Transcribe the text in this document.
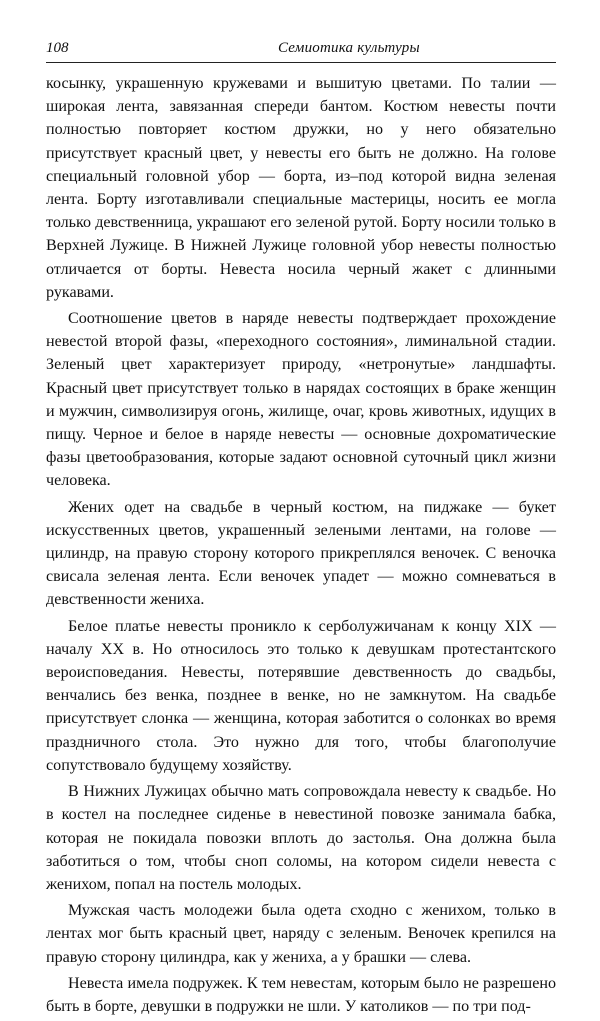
108	Семиотика культуры

косынку, украшенную кружевами и вышитую цветами. По талии — широкая лента, завязанная спереди бантом. Костюм невесты почти полностью повторяет костюм дружки, но у него обязательно присутствует красный цвет, у невесты его быть не должно. На голове специальный головной убор — борта, из–под которой видна зеленая лента. Борту изготавливали специальные мастерицы, носить ее могла только девственница, украшают его зеленой рутой. Борту носили только в Верхней Лужице. В Нижней Лужице головной убор невесты полностью отличается от борты. Невеста носила черный жакет с длинными рукавами.

Соотношение цветов в наряде невесты подтверждает прохождение невестой второй фазы, «переходного состояния», лиминальной стадии. Зеленый цвет характеризует природу, «нетронутые» ландшафты. Красный цвет присутствует только в нарядах состоящих в браке женщин и мужчин, символизируя огонь, жилище, очаг, кровь животных, идущих в пищу. Черное и белое в наряде невесты — основные дохроматические фазы цветообразования, которые задают основной суточный цикл жизни человека.

Жених одет на свадьбе в черный костюм, на пиджаке — букет искусственных цветов, украшенный зелеными лентами, на голове — цилиндр, на правую сторону которого прикреплялся веночек. С веночка свисала зеленая лента. Если веночек упадет — можно сомневаться в девственности жениха.

Белое платье невесты проникло к серболужичанам к концу XIX — началу XX в. Но относилось это только к девушкам протестантского вероисповедания. Невесты, потерявшие девственность до свадьбы, венчались без венка, позднее в венке, но не замкнутом. На свадьбе присутствует слонка — женщина, которая заботится о солонках во время праздничного стола. Это нужно для того, чтобы благополучие сопутствовало будущему хозяйству.

В Нижних Лужицах обычно мать сопровождала невесту к свадьбе. Но в костел на последнее сиденье в невестиной повозке занимала бабка, которая не покидала повозки вплоть до застолья. Она должна была заботиться о том, чтобы сноп соломы, на котором сидели невеста с женихом, попал на постель молодых.

Мужская часть молодежи была одета сходно с женихом, только в лентах мог быть красный цвет, наряду с зеленым. Веночек крепился на правую сторону цилиндра, как у жениха, а у брашки — слева.

Невеста имела подружек. К тем невестам, которым было не разрешено быть в борте, девушки в подружки не шли. У католиков — по три под-
